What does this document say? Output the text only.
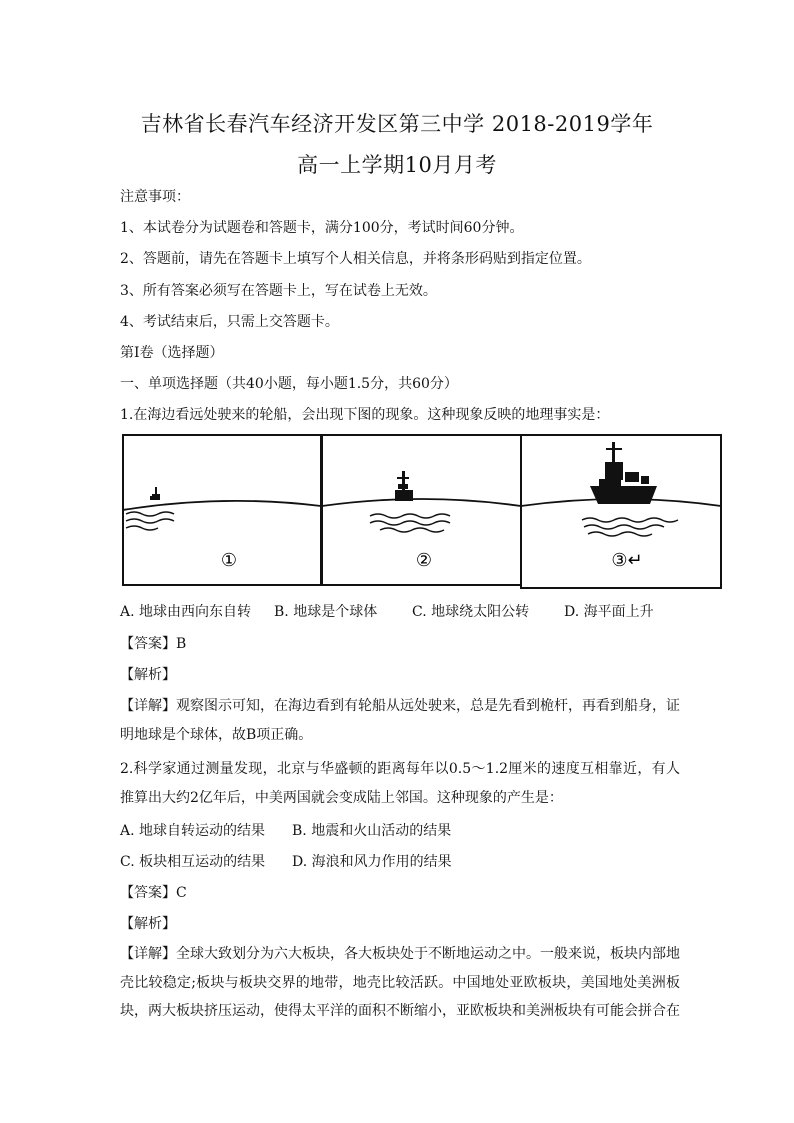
吉林省长春汽车经济开发区第三中学 2018-2019学年
高一上学期10月月考
注意事项：
1、本试卷分为试题卷和答题卡，满分100分，考试时间60分钟。
2、答题前，请先在答题卡上填写个人相关信息，并将条形码贴到指定位置。
3、所有答案必须写在答题卡上，写在试卷上无效。
4、考试结束后，只需上交答题卡。
第Ⅰ卷（选择题）
一、单项选择题（共40小题，每小题1.5分，共60分）
1.在海边看远处驶来的轮船，会出现下图的现象。这种现象反映的地理事实是：
①	②	③↵
A. 地球由西向东自转 B. 地球是个球体 C. 地球绕太阳公转 D. 海平面上升
【答案】B
【解析】
【详解】观察图示可知，在海边看到有轮船从远处驶来，总是先看到桅杆，再看到船身，证明地球是个球体，故B项正确。
2.科学家通过测量发现，北京与华盛顿的距离每年以0.5～1.2厘米的速度互相靠近，有人推算出大约2亿年后，中美两国就会变成陆上邻国。这种现象的产生是：
A. 地球自转运动的结果 B. 地震和火山活动的结果
C. 板块相互运动的结果 D. 海浪和风力作用的结果
【答案】C
【解析】
【详解】全球大致划分为六大板块，各大板块处于不断地运动之中。一般来说，板块内部地壳比较稳定;板块与板块交界的地带，地壳比较活跃。中国地处亚欧板块，美国地处美洲板块，两大板块挤压运动，使得太平洋的面积不断缩小，亚欧板块和美洲板块有可能会拼合在
